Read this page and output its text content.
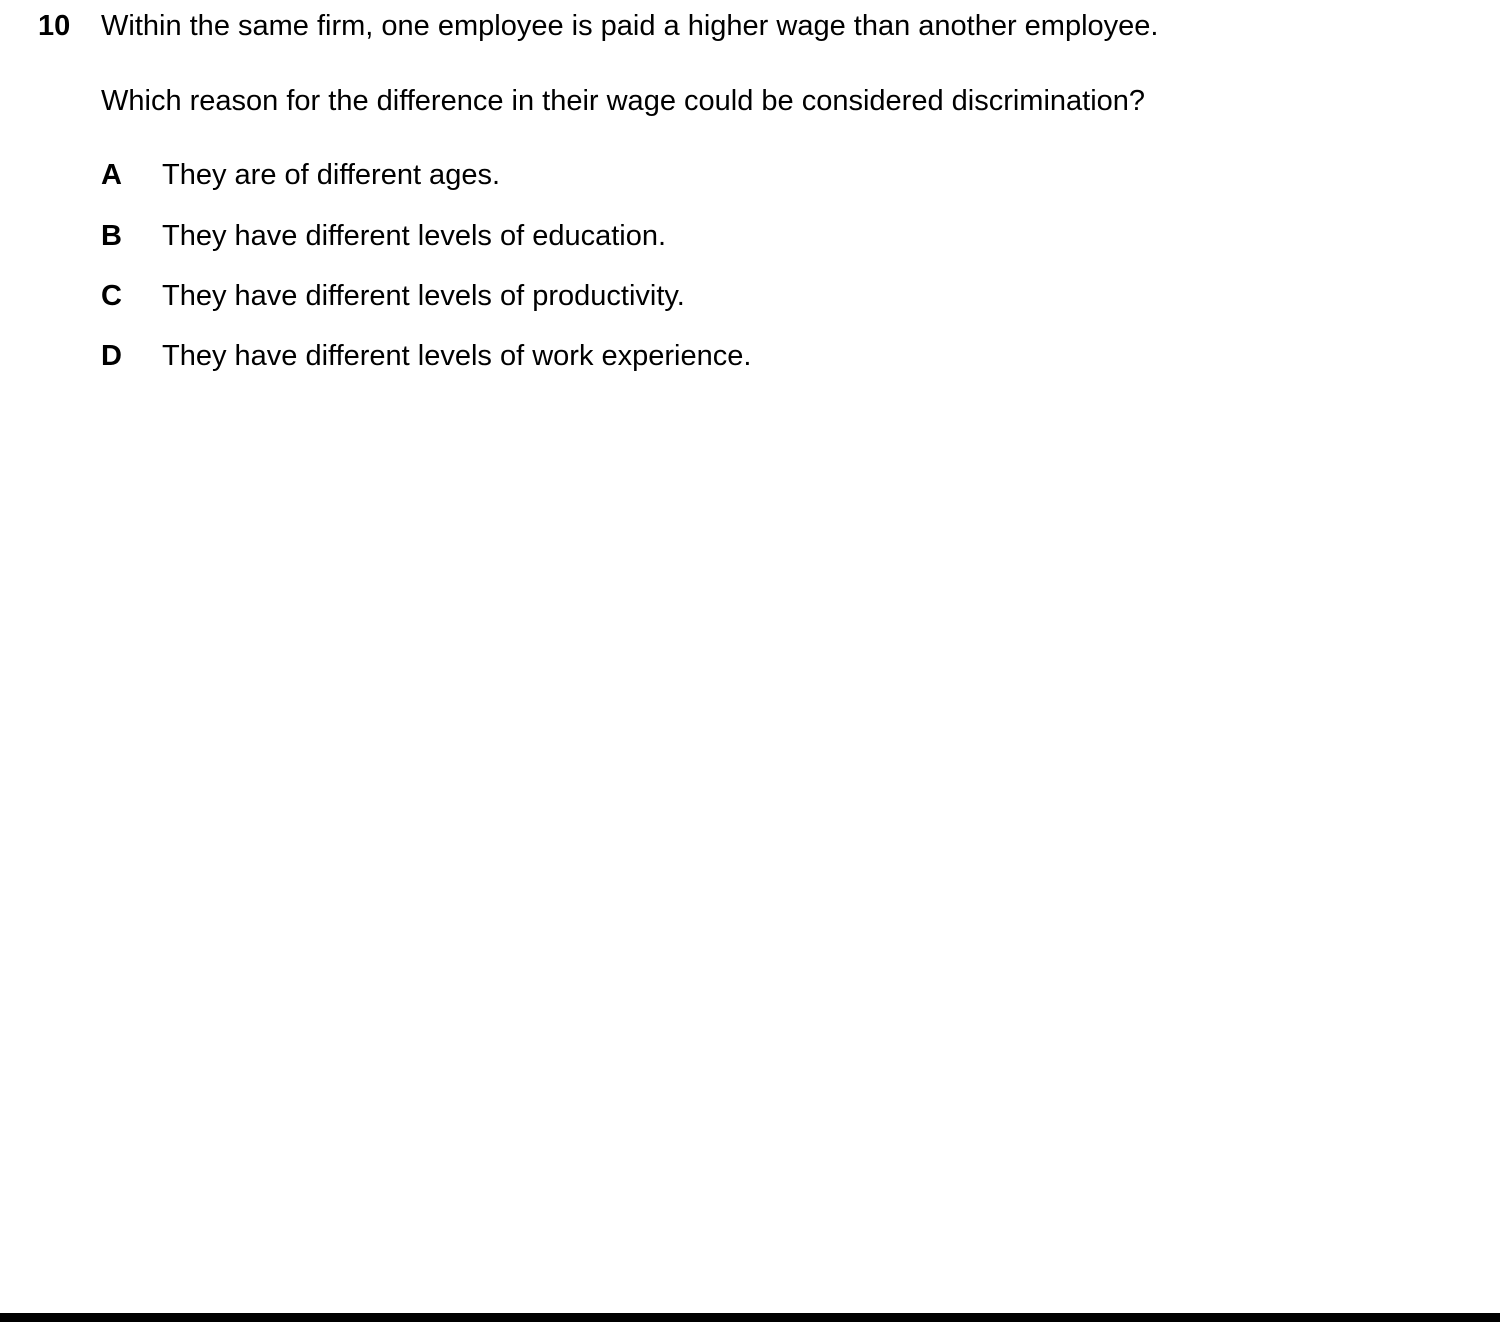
10 Within the same firm, one employee is paid a higher wage than another employee.
Which reason for the difference in their wage could be considered discrimination?
A They are of different ages.
B They have different levels of education.
C They have different levels of productivity.
D They have different levels of work experience.
